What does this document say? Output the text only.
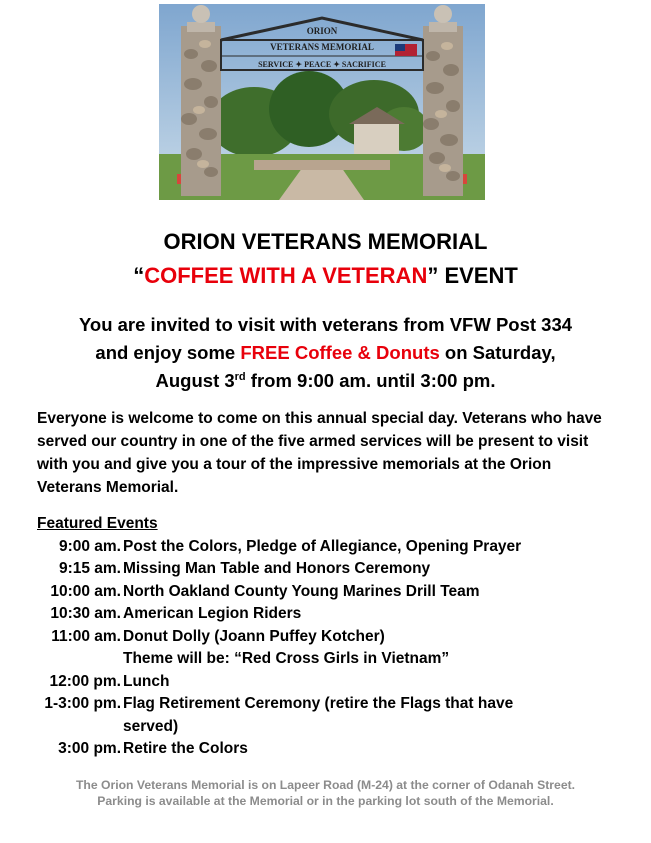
ORION
VETERANS MEMORIAL
SERVICE ✦ PEACE ✦ SACRIFICE
ORION VETERANS MEMORIAL
“COFFEE WITH A VETERAN” EVENT
You are invited to visit with veterans from VFW Post 334
and enjoy some FREE Coffee & Donuts on Saturday,
August 3rd from 9:00 am. until 3:00 pm.
Everyone is welcome to come on this annual special day. Veterans who have served our country in one of the five armed services will be present to visit with you and give you a tour of the impressive memorials at the Orion Veterans Memorial.
Featured Events
9:00 am. Post the Colors, Pledge of Allegiance, Opening Prayer
9:15 am. Missing Man Table and Honors Ceremony
10:00 am. North Oakland County Young Marines Drill Team
10:30 am. American Legion Riders
11:00 am. Donut Dolly (Joann Puffey Kotcher)
Theme will be: “Red Cross Girls in Vietnam”
12:00 pm. Lunch
1-3:00 pm. Flag Retirement Ceremony (retire the Flags that have
served)
3:00 pm. Retire the Colors
The Orion Veterans Memorial is on Lapeer Road (M-24) at the corner of Odanah Street.
Parking is available at the Memorial or in the parking lot south of the Memorial.
